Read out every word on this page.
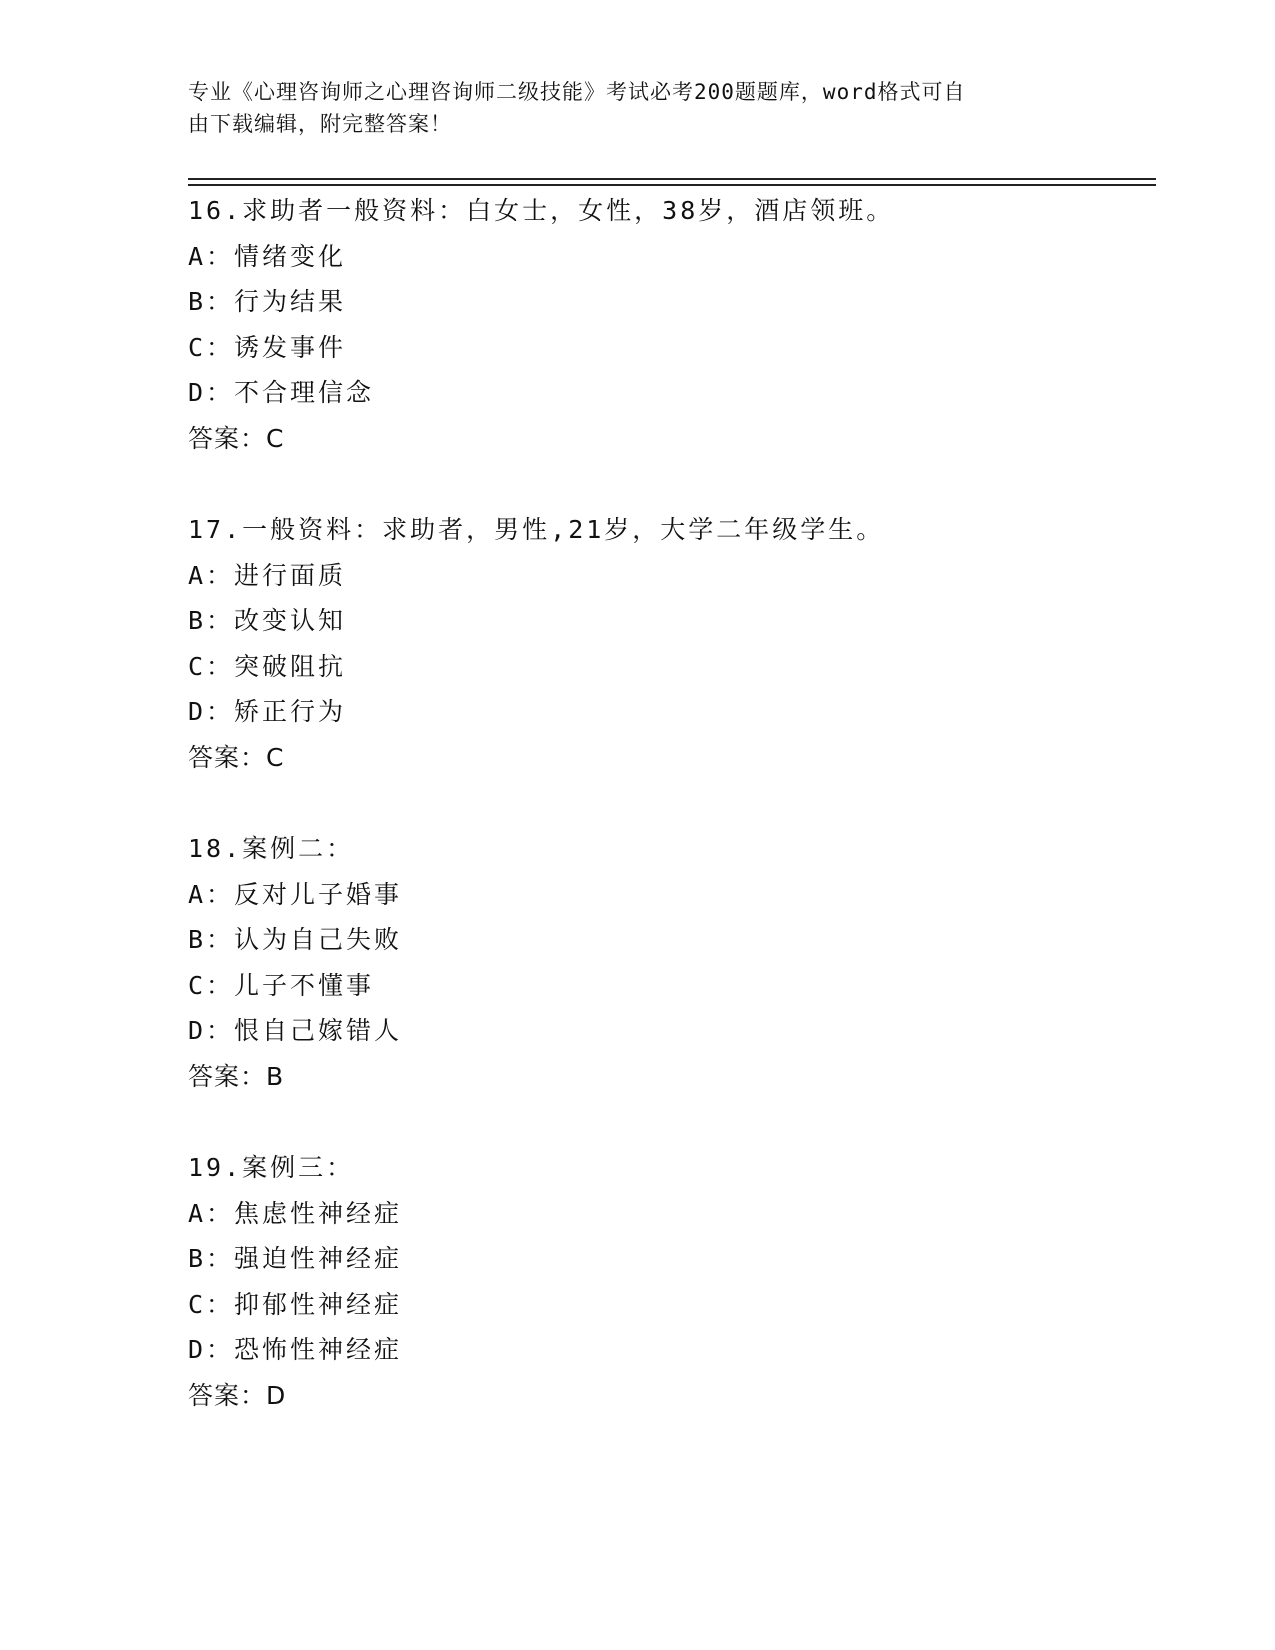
专业《心理咨询师之心理咨询师二级技能》考试必考200题题库，word格式可自
由下载编辑，附完整答案！
16.求助者一般资料：白女士，女性，38岁，酒店领班。
A：情绪变化
B：行为结果
C：诱发事件
D：不合理信念
答案：C
17.一般资料：求助者，男性,21岁，大学二年级学生。
A：进行面质
B：改变认知
C：突破阻抗
D：矫正行为
答案：C
18.案例二：
A：反对儿子婚事
B：认为自己失败
C：儿子不懂事
D：恨自己嫁错人
答案：B
19.案例三：
A：焦虑性神经症
B：强迫性神经症
C：抑郁性神经症
D：恐怖性神经症
答案：D
